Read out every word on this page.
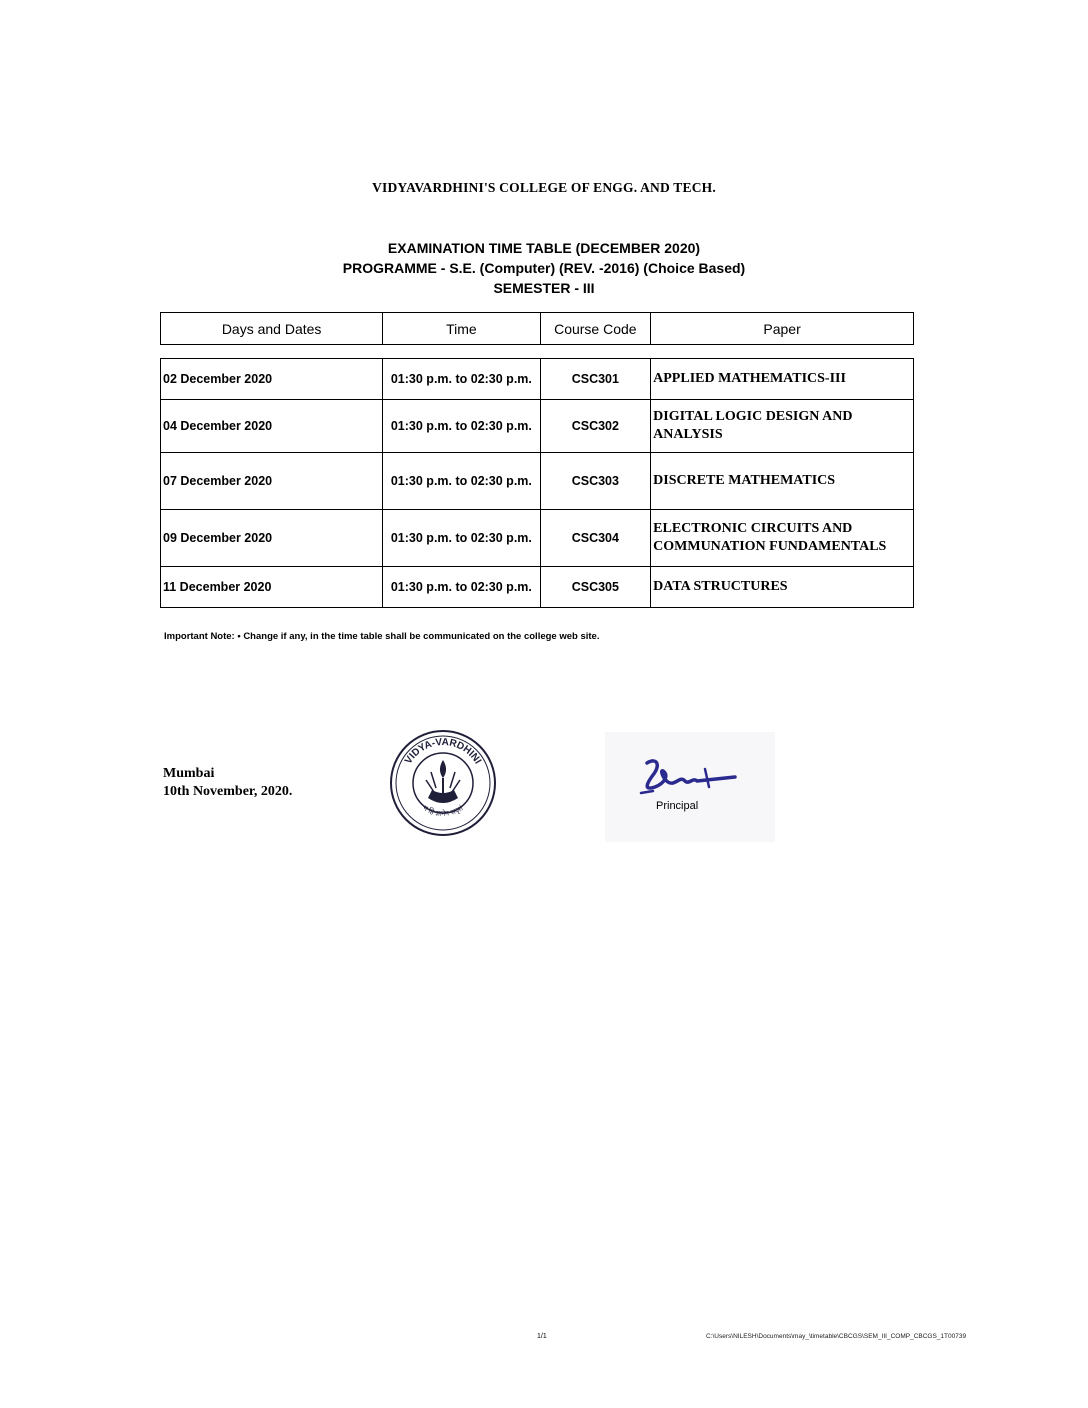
VIDYAVARDHINI'S COLLEGE OF ENGG. AND TECH.
EXAMINATION TIME TABLE (DECEMBER 2020)
PROGRAMME - S.E. (Computer) (REV. -2016) (Choice Based)
SEMESTER - III
Days and Dates	Time	Course Code	Paper
02 December 2020	01:30 p.m. to 02:30 p.m.	CSC301	APPLIED MATHEMATICS-III
04 December 2020	01:30 p.m. to 02:30 p.m.	CSC302	DIGITAL LOGIC DESIGN AND
ANALYSIS
07 December 2020	01:30 p.m. to 02:30 p.m.	CSC303	DISCRETE MATHEMATICS
09 December 2020	01:30 p.m. to 02:30 p.m.	CSC304	ELECTRONIC CIRCUITS AND
COMMUNATION FUNDAMENTALS
11 December 2020	01:30 p.m. to 02:30 p.m.	CSC305	DATA STRUCTURES
Important Note: • Change if any, in the time table shall be communicated on the college web site.
Mumbai
10th November, 2020.
VIDYA-VARDHINI
न हि ज्ञानेन सदृशं	Principal
1/1	C:\Users\NILESH\Documents\may_\timetable\CBCGS\SEM_III_COMP_CBCGS_1T00739
